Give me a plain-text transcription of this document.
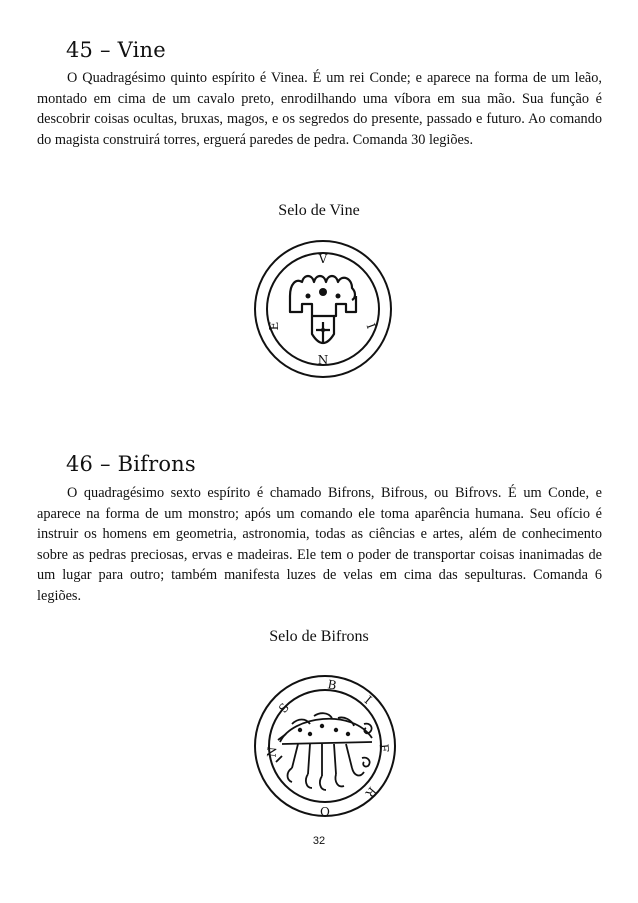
45 – Vine

O Quadragésimo quinto espírito é Vinea. É um rei Conde; e aparece na forma de um leão, montado em cima de um cavalo preto, enrodilhando uma víbora em sua mão. Sua função é descobrir coisas ocultas, bruxas, magos, e os segredos do presente, passado e futuro. Ao comando do magista construirá torres, erguerá paredes de pedra. Comanda 30 legiões.

Selo de Vine

V
I
N
E
46 – Bifrons

O quadragésimo sexto espírito é chamado Bifrons, Bifrous, ou Bifrovs. É um Conde, e aparece na forma de um monstro; após um comando ele toma aparência humana. Seu ofício é instruir os homens em geometria, astronomia, todas as ciências e artes, além de conhecimento sobre as pedras preciosas, ervas e madeiras. Ele tem o poder de transportar coisas inanimadas de um lugar para outro; também manifesta luzes de velas em cima das sepulturas. Comanda 6 legiões.

Selo de Bifrons

B
I
F
R
O
N
S
32
